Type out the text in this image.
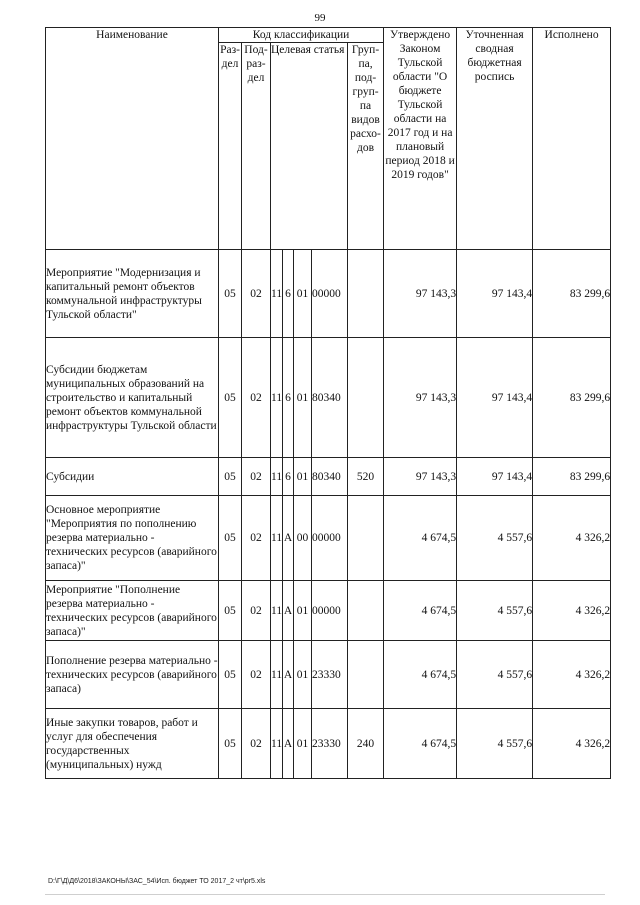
99
Наименование	Код классификации							Утверждено Законом Тульской области "О бюджете Тульской области на 2017 год и на плановый период 2018 и 2019 годов"	Уточненная сводная бюджетная роспись	Исполнено
	Раз-дел	Под-раз-дел	Целевая статья				Груп-па, под-груп-па видов расхо-дов			
Мероприятие "Модернизация и капитальный ремонт объектов коммунальной инфраструктуры Тульской области"	05	02	11	6	01	00000		97 143,3	97 143,4	83 299,6
Субсидии бюджетам муниципальных образований на строительство и капитальный ремонт объектов коммунальной инфраструктуры Тульской области	05	02	11	6	01	80340		97 143,3	97 143,4	83 299,6
Субсидии	05	02	11	6	01	80340	520	97 143,3	97 143,4	83 299,6
Основное мероприятие "Мероприятия по пополнению резерва материально - технических ресурсов (аварийного запаса)"	05	02	11	А	00	00000		4 674,5	4 557,6	4 326,2
Мероприятие "Пополнение резерва материально - технических ресурсов (аварийного запаса)"	05	02	11	А	01	00000		4 674,5	4 557,6	4 326,2
Пополнение резерва материально - технических ресурсов (аварийного запаса)	05	02	11	А	01	23330		4 674,5	4 557,6	4 326,2
Иные закупки товаров, работ и услуг для обеспечения государственных (муниципальных) нужд	05	02	11	А	01	23330	240	4 674,5	4 557,6	4 326,2
D:\Г\Д\Д6\2018\ЗАКОНЫ\ЗАС_54\Исп. бюджет ТО 2017_2 чт\pr5.xls
